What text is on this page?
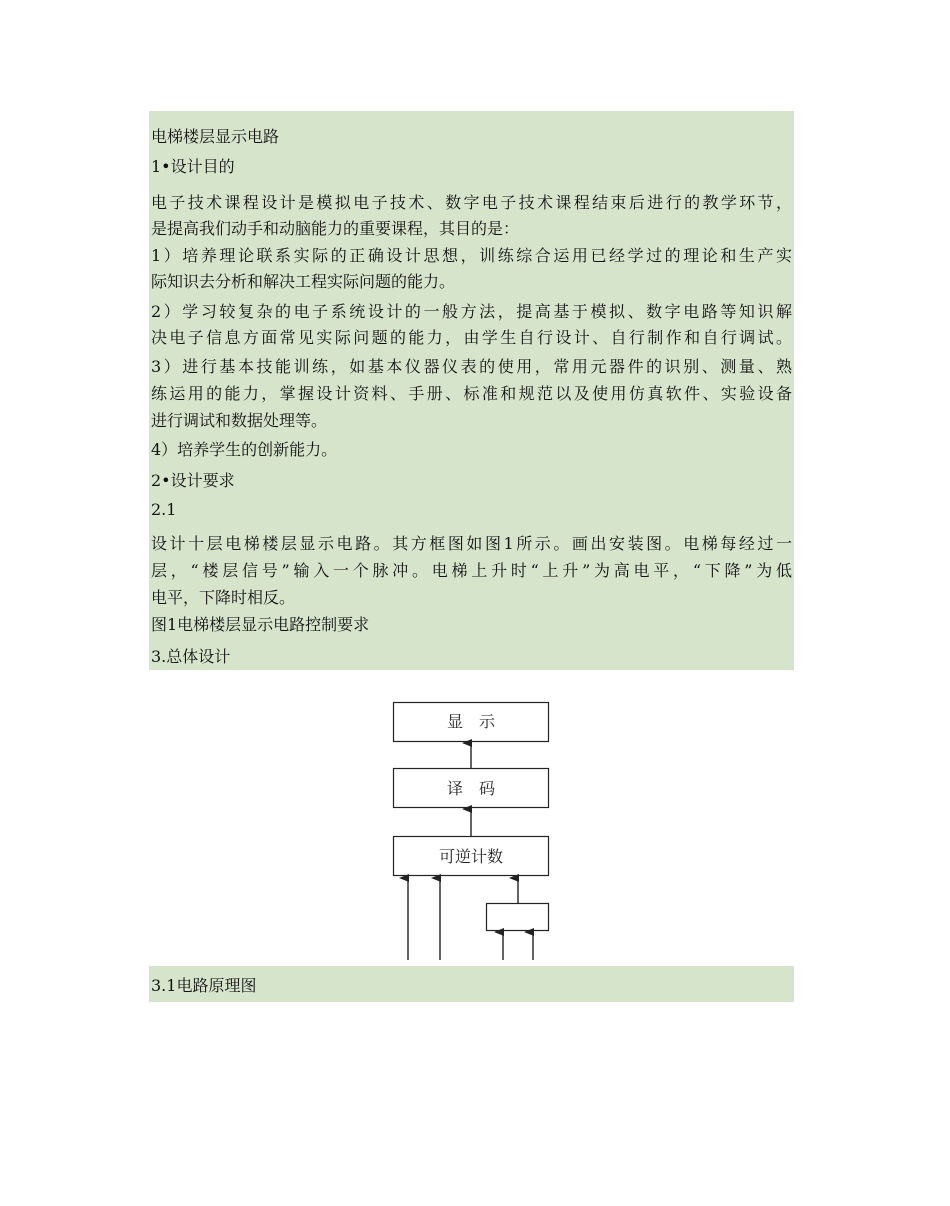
电梯楼层显示电路
1•设计目的
电子技术课程设计是模拟电子技术、数字电子技术课程结束后进行的教学环节，
是提高我们动手和动脑能力的重要课程，其目的是：
1）培养理论联系实际的正确设计思想，训练综合运用已经学过的理论和生产实
际知识去分析和解决工程实际问题的能力。
2）学习较复杂的电子系统设计的一般方法，提高基于模拟、数字电路等知识解
决电子信息方面常见实际问题的能力，由学生自行设计、自行制作和自行调试。
3）进行基本技能训练，如基本仪器仪表的使用，常用元器件的识别、测量、熟
练运用的能力，掌握设计资料、手册、标准和规范以及使用仿真软件、实验设备
进行调试和数据处理等。
4）培养学生的创新能力。
2•设计要求
2.1
设计十层电梯楼层显示电路。其方框图如图1所示。画出安装图。电梯每经过一
层，“楼层信号”输入一个脉冲。电梯上升时“上升”为高电平，“下降”为低
电平，下降时相反。
图1电梯楼层显示电路控制要求
3.总体设计
显　示
译　码
可逆计数
3.1电路原理图
